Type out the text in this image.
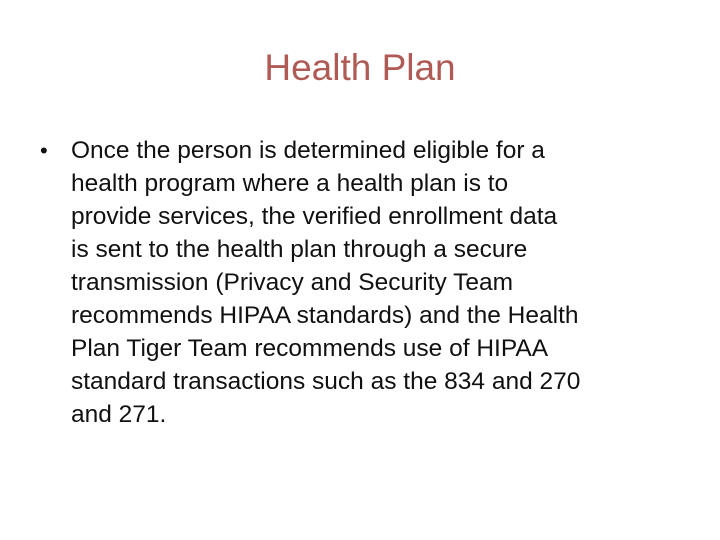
Health Plan
• Once the person is determined eligible for a
health program where a health plan is to
provide services, the verified enrollment data
is sent to the health plan through a secure
transmission (Privacy and Security Team
recommends HIPAA standards) and the Health
Plan Tiger Team recommends use of HIPAA
standard transactions such as the 834 and 270
and 271.
